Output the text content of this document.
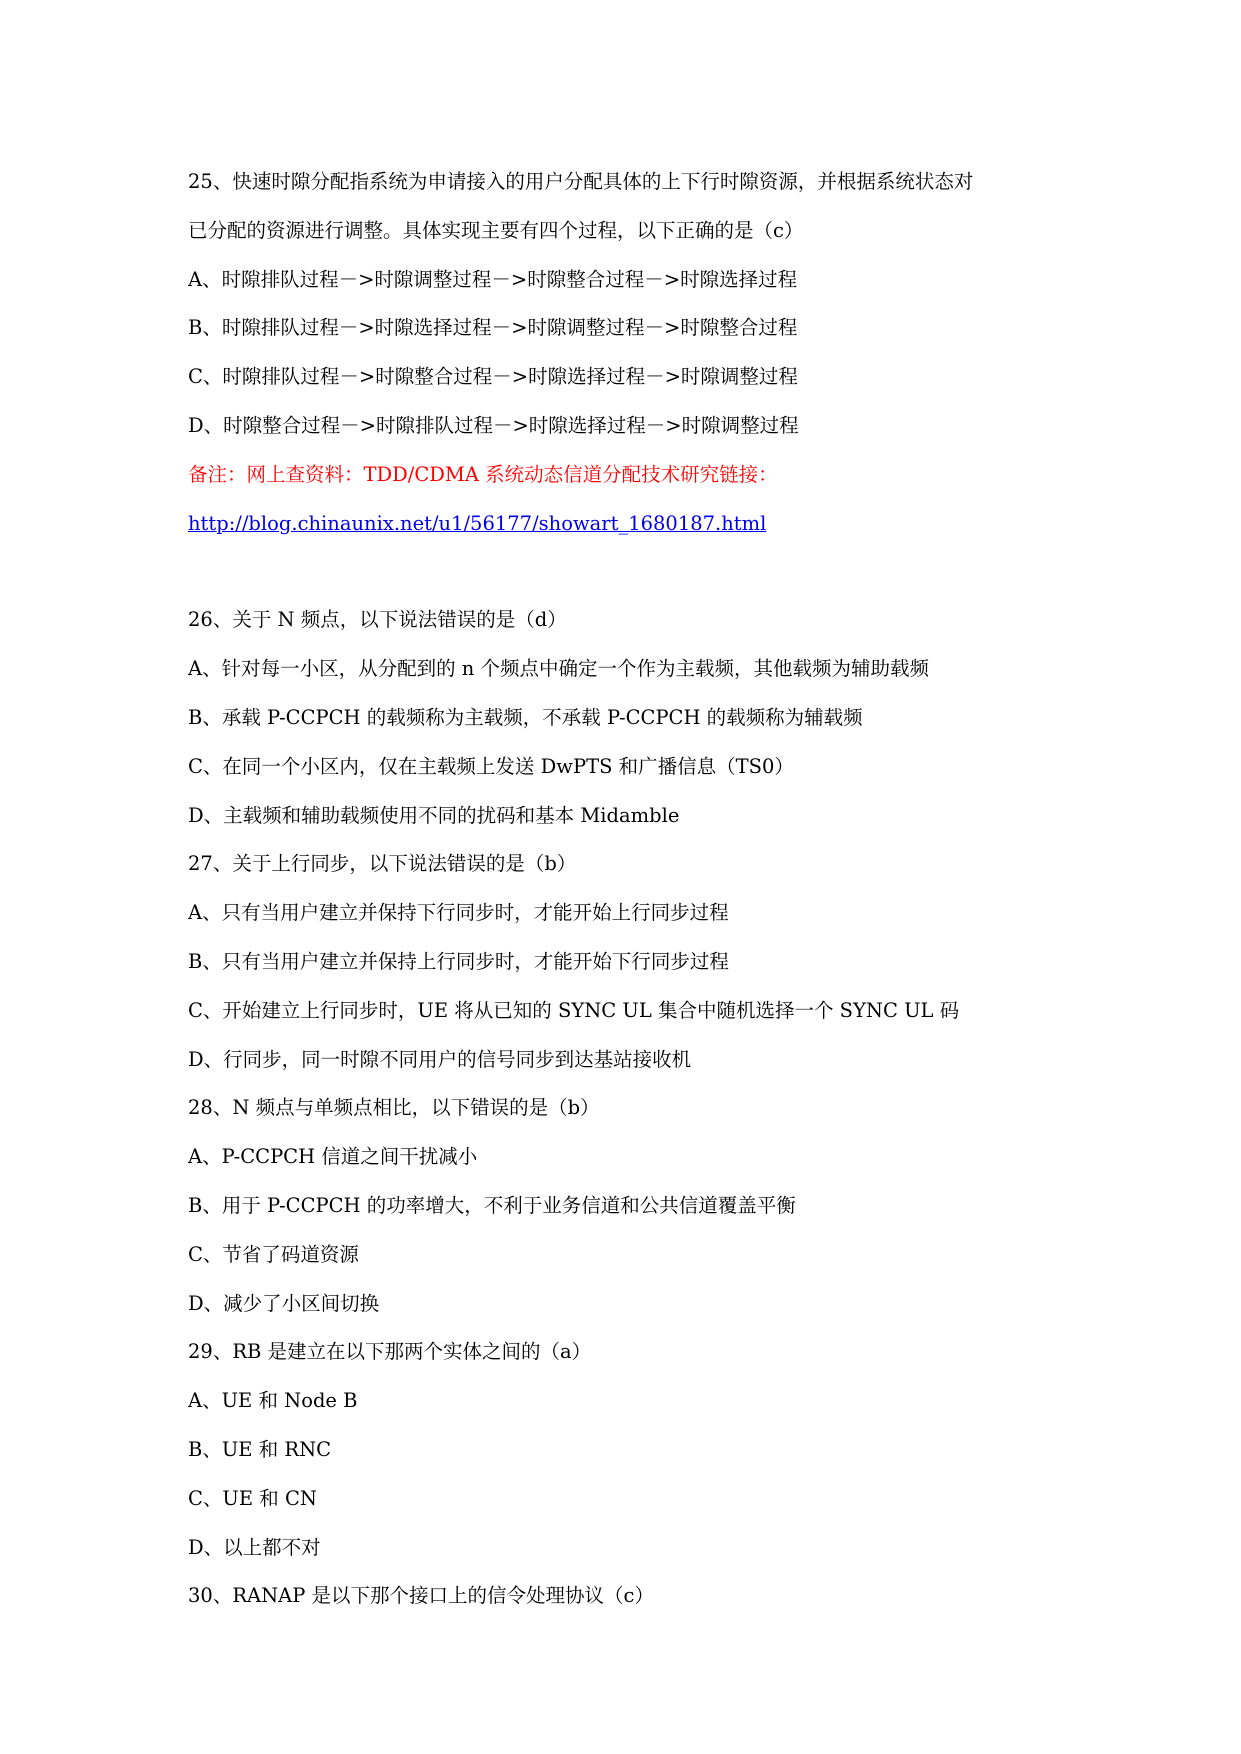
25、快速时隙分配指系统为申请接入的用户分配具体的上下行时隙资源，并根据系统状态对
已分配的资源进行调整。具体实现主要有四个过程，以下正确的是（c）
A、时隙排队过程－>时隙调整过程－>时隙整合过程－>时隙选择过程
B、时隙排队过程－>时隙选择过程－>时隙调整过程－>时隙整合过程
C、时隙排队过程－>时隙整合过程－>时隙选择过程－>时隙调整过程
D、时隙整合过程－>时隙排队过程－>时隙选择过程－>时隙调整过程
备注：网上查资料：TDD/CDMA 系统动态信道分配技术研究链接：
http://blog.chinaunix.net/u1/56177/showart_1680187.html
26、关于 N 频点，以下说法错误的是（d）
A、针对每一小区，从分配到的 n 个频点中确定一个作为主载频，其他载频为辅助载频
B、承载 P-CCPCH 的载频称为主载频，不承载 P-CCPCH 的载频称为辅载频
C、在同一个小区内，仅在主载频上发送 DwPTS 和广播信息（TS0）
D、主载频和辅助载频使用不同的扰码和基本 Midamble
27、关于上行同步，以下说法错误的是（b）
A、只有当用户建立并保持下行同步时，才能开始上行同步过程
B、只有当用户建立并保持上行同步时，才能开始下行同步过程
C、开始建立上行同步时，UE 将从已知的 SYNC UL 集合中随机选择一个 SYNC UL 码
D、行同步，同一时隙不同用户的信号同步到达基站接收机
28、N 频点与单频点相比，以下错误的是（b）
A、P-CCPCH 信道之间干扰减小
B、用于 P-CCPCH 的功率增大，不利于业务信道和公共信道覆盖平衡
C、节省了码道资源
D、减少了小区间切换
29、RB 是建立在以下那两个实体之间的（a）
A、UE 和 Node B
B、UE 和 RNC
C、UE 和 CN
D、以上都不对
30、RANAP 是以下那个接口上的信令处理协议（c）
